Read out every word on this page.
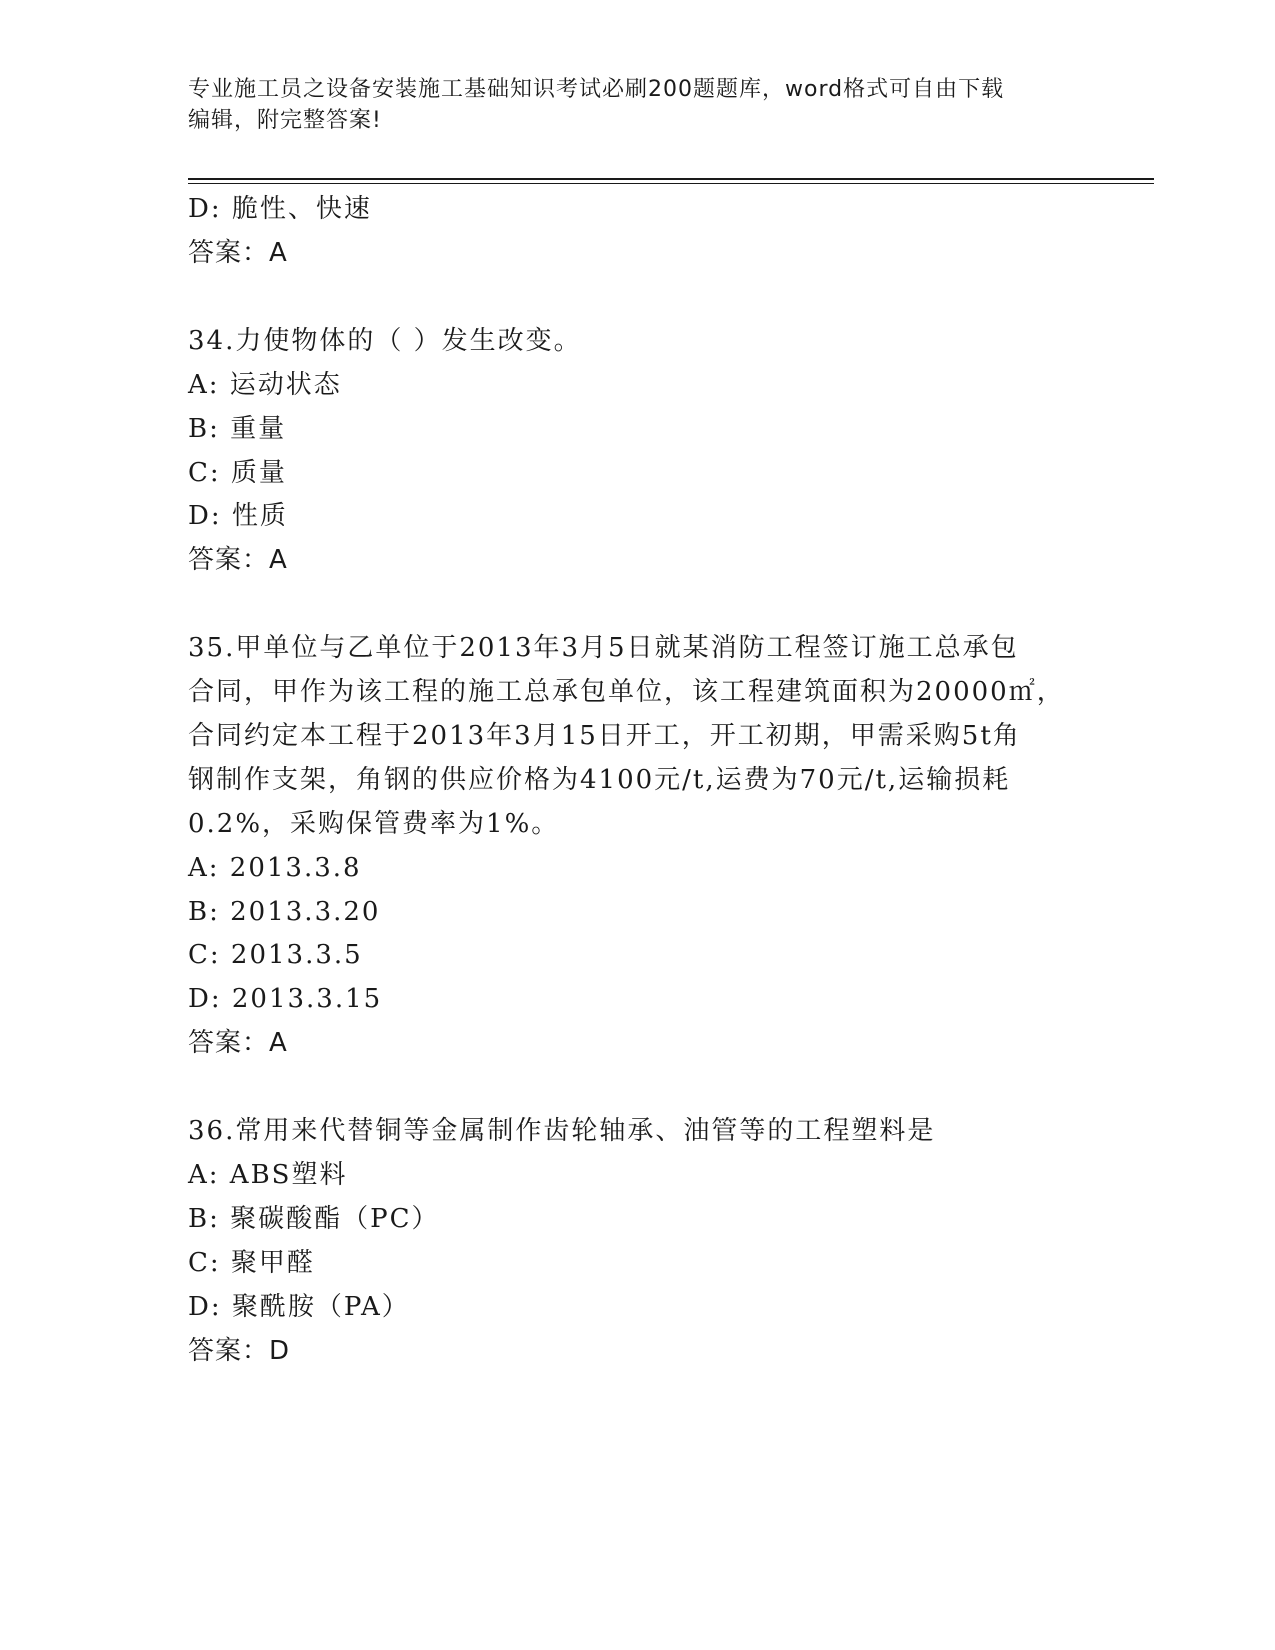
专业施工员之设备安装施工基础知识考试必刷200题题库，word格式可自由下载
编辑，附完整答案!
D: 脆性、快速
答案：A
34.力使物体的（ ）发生改变。
A: 运动状态
B: 重量
C: 质量
D: 性质
答案：A
35.甲单位与乙单位于2013年3月5日就某消防工程签订施工总承包
合同，甲作为该工程的施工总承包单位，该工程建筑面积为20000㎡，
合同约定本工程于2013年3月15日开工，开工初期，甲需采购5t角
钢制作支架，角钢的供应价格为4100元/t,运费为70元/t,运输损耗
0.2%，采购保管费率为1%。
A: 2013.3.8
B: 2013.3.20
C: 2013.3.5
D: 2013.3.15
答案：A
36.常用来代替铜等金属制作齿轮轴承、油管等的工程塑料是
A: ABS塑料
B: 聚碳酸酯（PC）
C: 聚甲醛
D: 聚酰胺（PA）
答案：D
